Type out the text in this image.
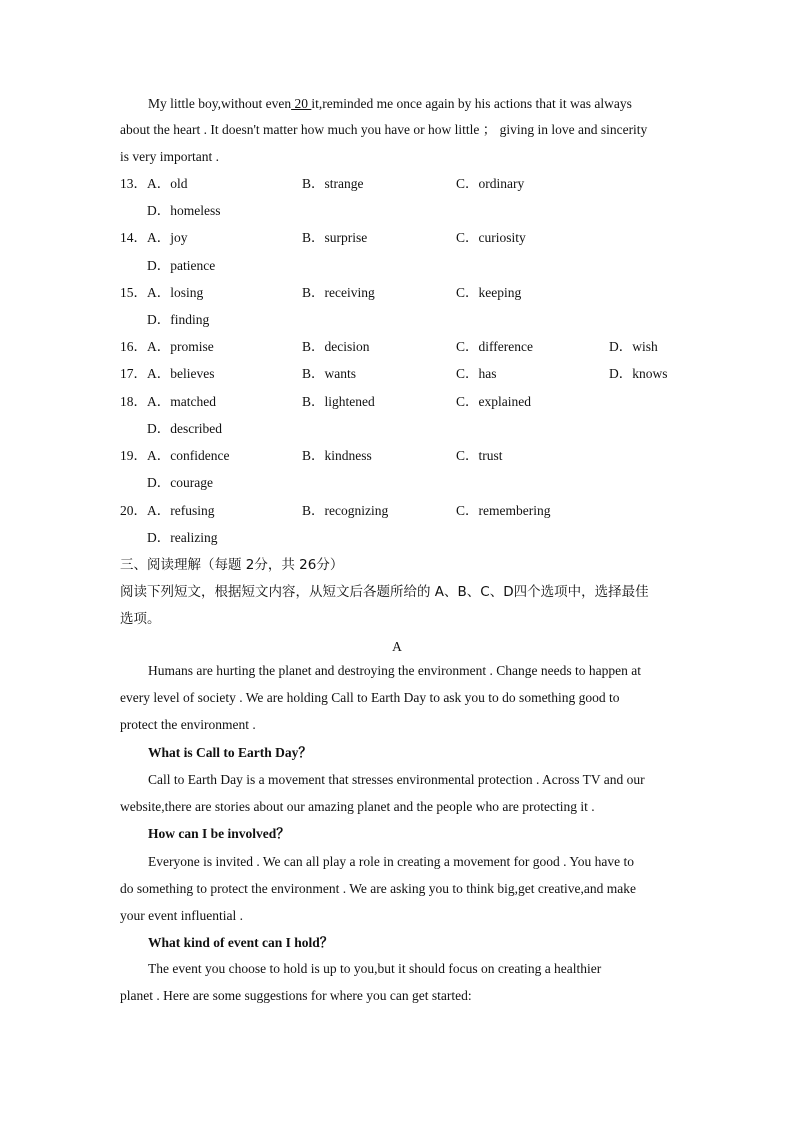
My little boy,without even 20 it,reminded me once again by his actions that it was always
about the heart . It doesn't matter how much you have or how little ； giving in love and sincerity
is very important .
13． A．old	B．strange	C．ordinary
D．homeless
14． A．joy	B．surprise	C．curiosity
D．patience
15． A．losing	B．receiving	C．keeping
D．finding
16． A．promise	B．decision	C．difference	D．wish
17． A．believes	B．wants	C．has	D．knows
18． A．matched	B．lightened	C．explained
D．described
19． A．confidence	B．kindness	C．trust
D．courage
20． A．refusing	B．recognizing	C．remembering
D．realizing
三、阅读理解（每题 2分，共 26分）
阅读下列短文，根据短文内容，从短文后各题所给的 A、B、C、D四个选项中，选择最佳
选项。
A
Humans are hurting the planet and destroying the environment . Change needs to happen at
every level of society . We are holding Call to Earth Day to ask you to do something good to
protect the environment .
What is Call to Earth Day？
Call to Earth Day is a movement that stresses environmental protection . Across TV and our
website,there are stories about our amazing planet and the people who are protecting it .
How can I be involved？
Everyone is invited . We can all play a role in creating a movement for good . You have to
do something to protect the environment . We are asking you to think big,get creative,and make
your event influential .
What kind of event can I hold？
The event you choose to hold is up to you,but it should focus on creating a healthier
planet . Here are some suggestions for where you can get started:
